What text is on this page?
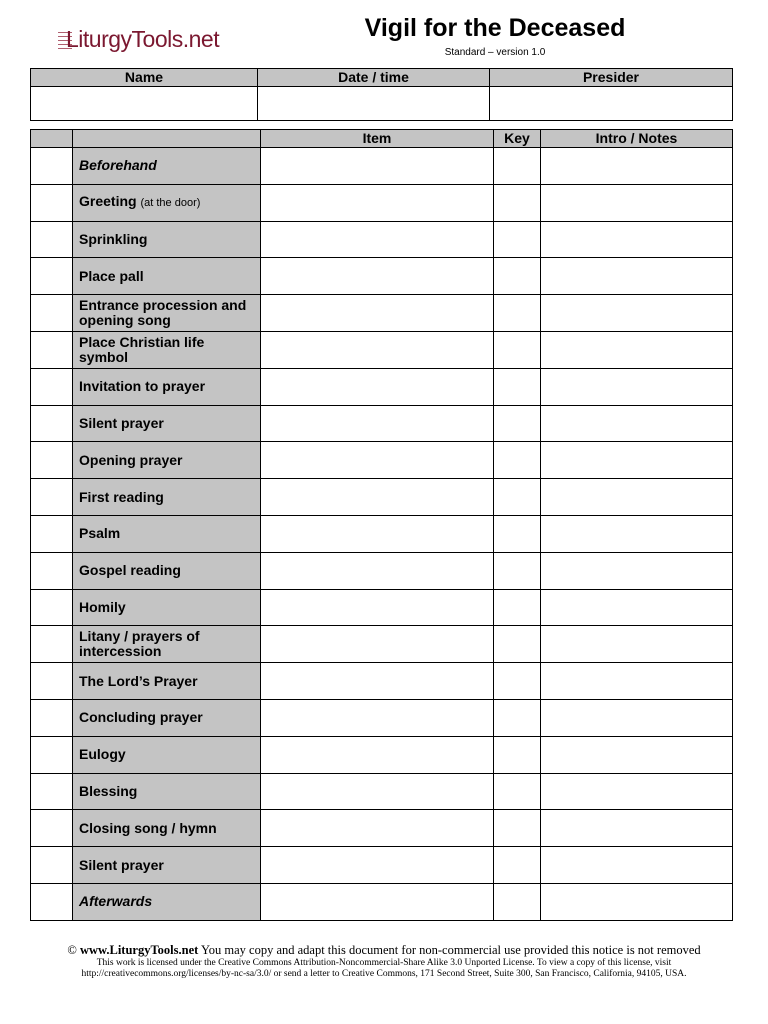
LiturgyTools.net	Vigil for the Deceased
Standard – version 1.0
Name	Date / time	Presider

		Item	Key	Intro / Notes
	Beforehand			
	Greeting (at the door)			
	Sprinkling			
	Place pall			
	Entrance procession and opening song			
	Place Christian life symbol			
	Invitation to prayer			
	Silent prayer			
	Opening prayer			
	First reading			
	Psalm			
	Gospel reading			
	Homily			
	Litany / prayers of intercession			
	The Lord’s Prayer			
	Concluding prayer			
	Eulogy			
	Blessing			
	Closing song / hymn			
	Silent prayer			
	Afterwards			
© www.LiturgyTools.net You may copy and adapt this document for non-commercial use provided this notice is not removed
This work is licensed under the Creative Commons Attribution-Noncommercial-Share Alike 3.0 Unported License. To view a copy of this license, visit
http://creativecommons.org/licenses/by-nc-sa/3.0/ or send a letter to Creative Commons, 171 Second Street, Suite 300, San Francisco, California, 94105, USA.
